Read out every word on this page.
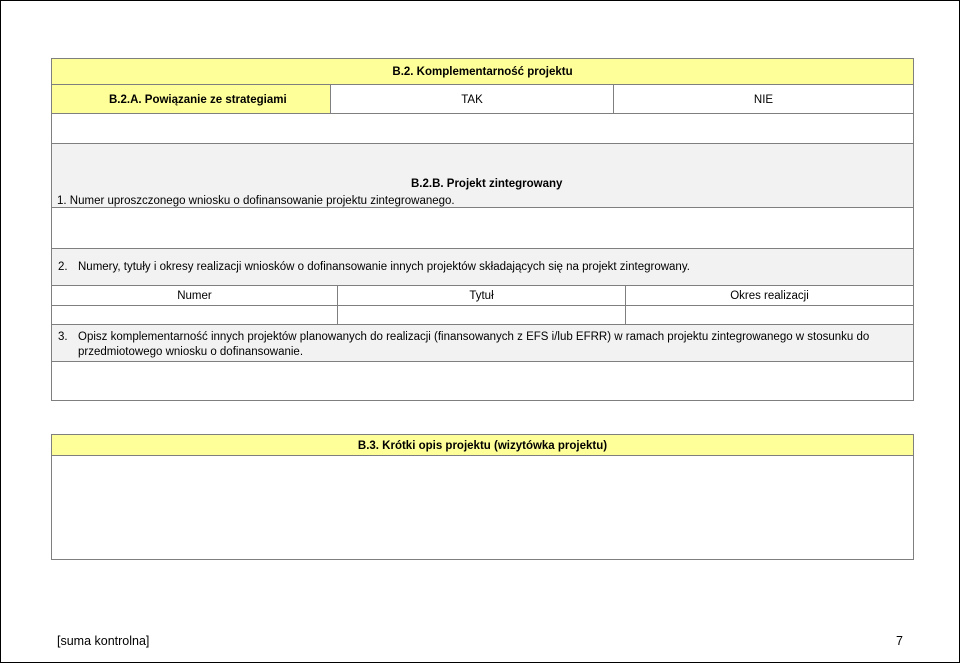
B.2. Komplementarność projektu
B.2.A. Powiązanie ze strategiami	TAK	NIE
B.2.B. Projekt zintegrowany
1. Numer uproszczonego wniosku o dofinansowanie projektu zintegrowanego.
2. Numery, tytuły i okresy realizacji wniosków o dofinansowanie innych projektów składających się na projekt zintegrowany.
Numer	Tytuł	Okres realizacji
3. Opisz komplementarność innych projektów planowanych do realizacji (finansowanych z EFS i/lub EFRR) w ramach projektu zintegrowanego w stosunku do przedmiotowego wniosku o dofinansowanie.
B.3. Krótki opis projektu (wizytówka projektu)
[suma kontrolna]	7
